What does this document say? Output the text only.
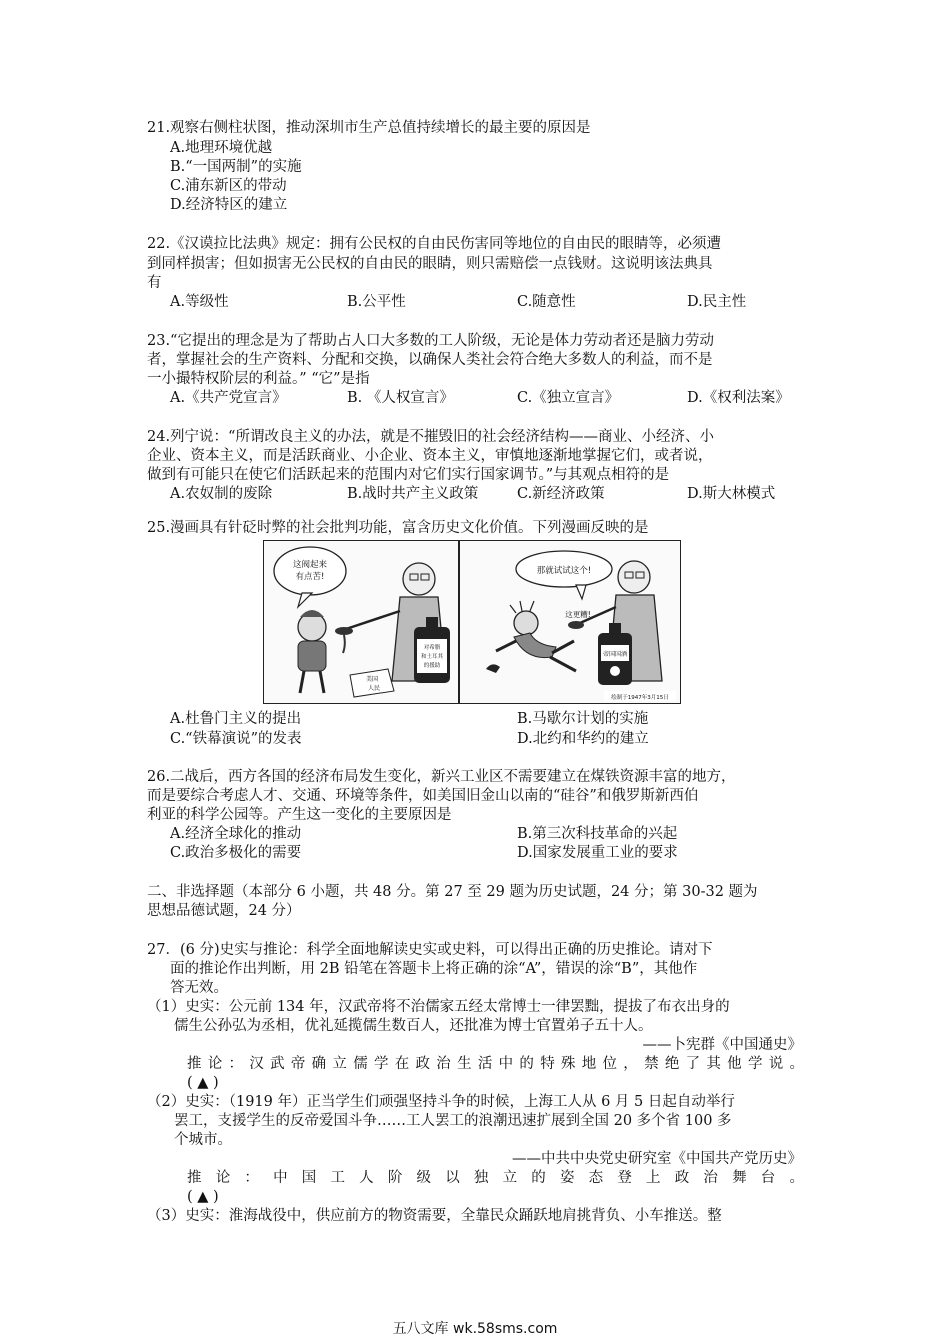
21.观察右侧柱状图，推动深圳市生产总值持续增长的最主要的原因是
A.地理环境优越
B.“一国两制”的实施
C.浦东新区的带动
D.经济特区的建立
22.《汉谟拉比法典》规定：拥有公民权的自由民伤害同等地位的自由民的眼睛等，必须遭
到同样损害；但如损害无公民权的自由民的眼睛，则只需赔偿一点钱财。这说明该法典具
有
A.等级性	B.公平性	C.随意性	D.民主性
23.“它提出的理念是为了帮助占人口大多数的工人阶级，无论是体力劳动者还是脑力劳动
者，掌握社会的生产资料、分配和交换，以确保人类社会符合绝大多数人的利益，而不是
一小撮特权阶层的利益。” “它”是指
A.《共产党宣言》	B. 《人权宣言》	C.《独立宣言》	D.《权利法案》
24.列宁说：“所谓改良主义的办法，就是不摧毁旧的社会经济结构——商业、小经济、小
企业、资本主义，而是活跃商业、小企业、资本主义，审慎地逐渐地掌握它们，或者说，
做到有可能只在使它们活跃起来的范围内对它们实行国家调节。”与其观点相符的是
A.农奴制的废除	B.战时共产主义政策	C.新经济政策	D.斯大林模式
25.漫画具有针砭时弊的社会批判功能，富含历史文化价值。下列漫画反映的是
这阀起来
有点苦!
对希腊
和土耳其
的援助
美国
人民
那就试试这个!
这更糟!
帝国国酒
绘制于1947年3月15日
A.杜鲁门主义的提出	B.马歇尔计划的实施
C.“铁幕演说”的发表	D.北约和华约的建立
26.二战后，西方各国的经济布局发生变化，新兴工业区不需要建立在煤铁资源丰富的地方，
而是要综合考虑人才、交通、环境等条件，如美国旧金山以南的“硅谷”和俄罗斯新西伯
利亚的科学公园等。产生这一变化的主要原因是
A.经济全球化的推动	B.第三次科技革命的兴起
C.政治多极化的需要	D.国家发展重工业的要求
二、非选择题（本部分 6 小题，共 48 分。第 27 至 29 题为历史试题，24 分；第 30-32 题为
思想品德试题，24 分）
27．(6 分)史实与推论：科学全面地解读史实或史料，可以得出正确的历史推论。请对下
面的推论作出判断，用 2B 铅笔在答题卡上将正确的涂“A”，错误的涂“B”，其他作
答无效。
（1）史实：公元前 134 年，汉武帝将不治儒家五经太常博士一律罢黜，提拔了布衣出身的
儒生公孙弘为丞相，优礼延揽儒生数百人，还批准为博士官置弟子五十人。
——卜宪群《中国通史》
推论：汉武帝确立儒学在政治生活中的特殊地位，禁绝了其他学说。
( ▲ )
（2）史实：（1919 年）正当学生们顽强坚持斗争的时候，上海工人从 6 月 5 日起自动举行
罢工，支援学生的反帝爱国斗争……工人罢工的浪潮迅速扩展到全国 20 多个省 100 多
个城市。
——中共中央党史研究室《中国共产党历史》
推论：中国工人阶级以独立的姿态登上政治舞台。
( ▲ )
（3）史实：淮海战役中，供应前方的物资需要，全靠民众踊跃地肩挑背负、小车推送。整
五八文库 wk.58sms.com
